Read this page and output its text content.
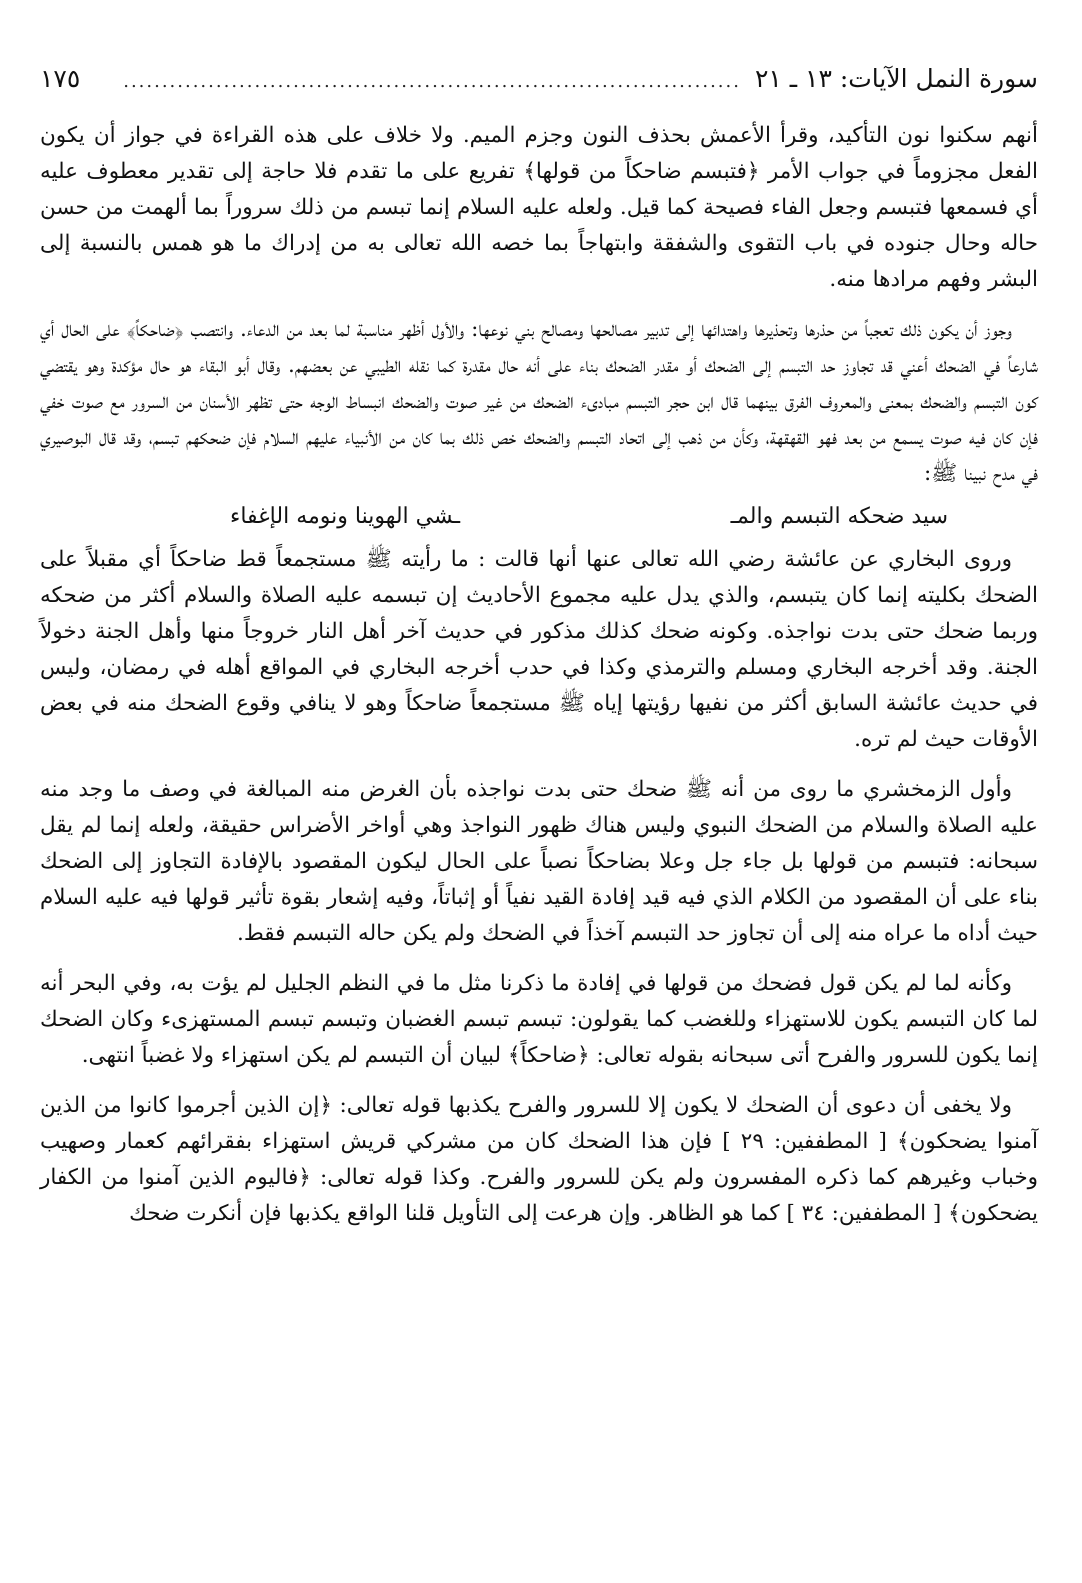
سورة النمل الآيات: ١٣ ـ ٢١
................................................................................
١٧٥

أنهم سكنوا نون التأكيد، وقرأ الأعمش بحذف النون وجزم الميم. ولا خلاف على هذه القراءة في جواز أن يكون الفعل مجزوماً في جواب الأمر ﴿فتبسم ضاحكاً من قولها﴾ تفريع على ما تقدم فلا حاجة إلى تقدير معطوف عليه أي فسمعها فتبسم وجعل الفاء فصيحة كما قيل. ولعله عليه السلام إنما تبسم من ذلك سروراً بما ألهمت من حسن حاله وحال جنوده في باب التقوى والشفقة وابتهاجاً بما خصه الله تعالى به من إدراك ما هو همس بالنسبة إلى البشر وفهم مرادها منه.

وجوز أن يكون ذلك تعجباً من حذرها وتحذيرها واهتدائها إلى تدبير مصالحها ومصالح بني نوعها: والأول أظهر مناسبة لما بعد من الدعاء. وانتصب ﴿ضاحكاً﴾ على الحال أي شارعاً في الضحك أعني قد تجاوز حد التبسم إلى الضحك أو مقدر الضحك بناء على أنه حال مقدرة كما نقله الطيبي عن بعضهم. وقال أبو البقاء هو حال مؤكدة وهو يقتضي كون التبسم والضحك بمعنى والمعروف الفرق بينهما قال ابن حجر التبسم مبادىء الضحك من غير صوت والضحك انبساط الوجه حتى تظهر الأسنان من السرور مع صوت خفي فإن كان فيه صوت يسمع من بعد فهو القهقهة، وكأن من ذهب إلى اتحاد التبسم والضحك خص ذلك بما كان من الأنبياء عليهم السلام فإن ضحكهم تبسم، وقد قال البوصيري في مدح نبينا ﷺ:

سيد ضحكه التبسم والمـ
ـشي الهوينا ونومه الإغفاء

وروى البخاري عن عائشة رضي الله تعالى عنها أنها قالت : ما رأيته ﷺ مستجمعاً قط ضاحكاً أي مقبلاً على الضحك بكليته إنما كان يتبسم، والذي يدل عليه مجموع الأحاديث إن تبسمه عليه الصلاة والسلام أكثر من ضحكه وربما ضحك حتى بدت نواجذه. وكونه ضحك كذلك مذكور في حديث آخر أهل النار خروجاً منها وأهل الجنة دخولاً الجنة. وقد أخرجه البخاري ومسلم والترمذي وكذا في حدب أخرجه البخاري في المواقع أهله في رمضان، وليس في حديث عائشة السابق أكثر من نفيها رؤيتها إياه ﷺ مستجمعاً ضاحكاً وهو لا ينافي وقوع الضحك منه في بعض الأوقات حيث لم تره.

وأول الزمخشري ما روى من أنه ﷺ ضحك حتى بدت نواجذه بأن الغرض منه المبالغة في وصف ما وجد منه عليه الصلاة والسلام من الضحك النبوي وليس هناك ظهور النواجذ وهي أواخر الأضراس حقيقة، ولعله إنما لم يقل سبحانه: فتبسم من قولها بل جاء جل وعلا بضاحكاً نصباً على الحال ليكون المقصود بالإفادة التجاوز إلى الضحك بناء على أن المقصود من الكلام الذي فيه قيد إفادة القيد نفياً أو إثباتاً، وفيه إشعار بقوة تأثير قولها فيه عليه السلام حيث أداه ما عراه منه إلى أن تجاوز حد التبسم آخذاً في الضحك ولم يكن حاله التبسم فقط.

وكأنه لما لم يكن قول فضحك من قولها في إفادة ما ذكرنا مثل ما في النظم الجليل لم يؤت به، وفي البحر أنه لما كان التبسم يكون للاستهزاء وللغضب كما يقولون: تبسم تبسم الغضبان وتبسم تبسم المستهزىء وكان الضحك إنما يكون للسرور والفرح أتى سبحانه بقوله تعالى: ﴿ضاحكاً﴾ لبيان أن التبسم لم يكن استهزاء ولا غضباً انتهى.

ولا يخفى أن دعوى أن الضحك لا يكون إلا للسرور والفرح يكذبها قوله تعالى: ﴿إن الذين أجرموا كانوا من الذين آمنوا يضحكون﴾ [ المطففين: ٢٩ ] فإن هذا الضحك كان من مشركي قريش استهزاء بفقرائهم كعمار وصهيب وخباب وغيرهم كما ذكره المفسرون ولم يكن للسرور والفرح. وكذا قوله تعالى: ﴿فاليوم الذين آمنوا من الكفار يضحكون﴾ [ المطففين: ٣٤ ] كما هو الظاهر. وإن هرعت إلى التأويل قلنا الواقع يكذبها فإن أنكرت ضحك
